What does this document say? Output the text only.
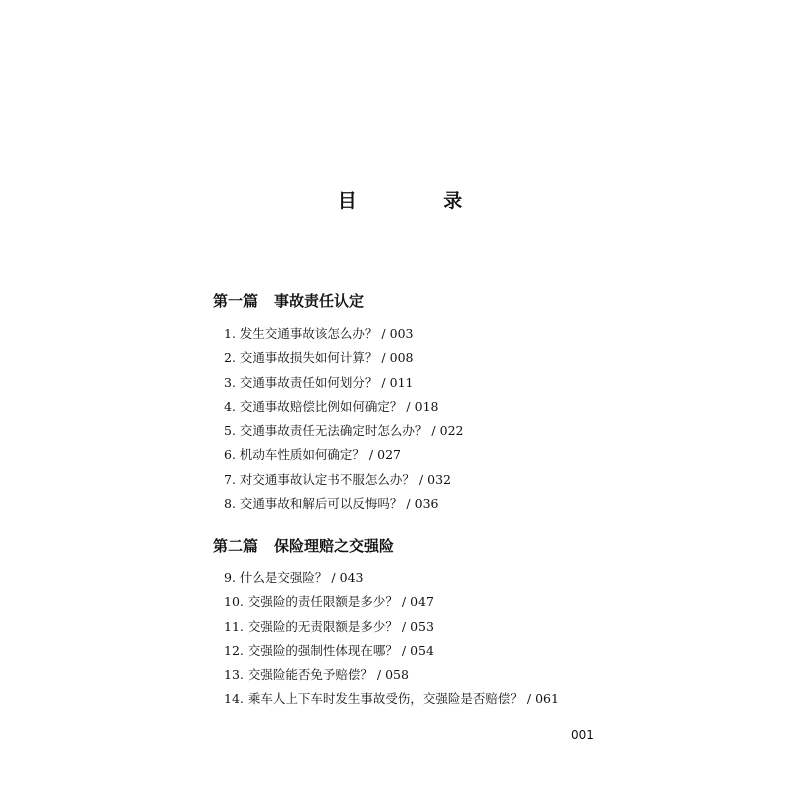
目 录
第一篇 事故责任认定
1. 发生交通事故该怎么办？ / 003
2. 交通事故损失如何计算？ / 008
3. 交通事故责任如何划分？ / 011
4. 交通事故赔偿比例如何确定？ / 018
5. 交通事故责任无法确定时怎么办？ / 022
6. 机动车性质如何确定？ / 027
7. 对交通事故认定书不服怎么办？ / 032
8. 交通事故和解后可以反悔吗？ / 036
第二篇 保险理赔之交强险
9. 什么是交强险？ / 043
10. 交强险的责任限额是多少？ / 047
11. 交强险的无责限额是多少？ / 053
12. 交强险的强制性体现在哪？ / 054
13. 交强险能否免予赔偿？ / 058
14. 乘车人上下车时发生事故受伤，交强险是否赔偿？ / 061
001
